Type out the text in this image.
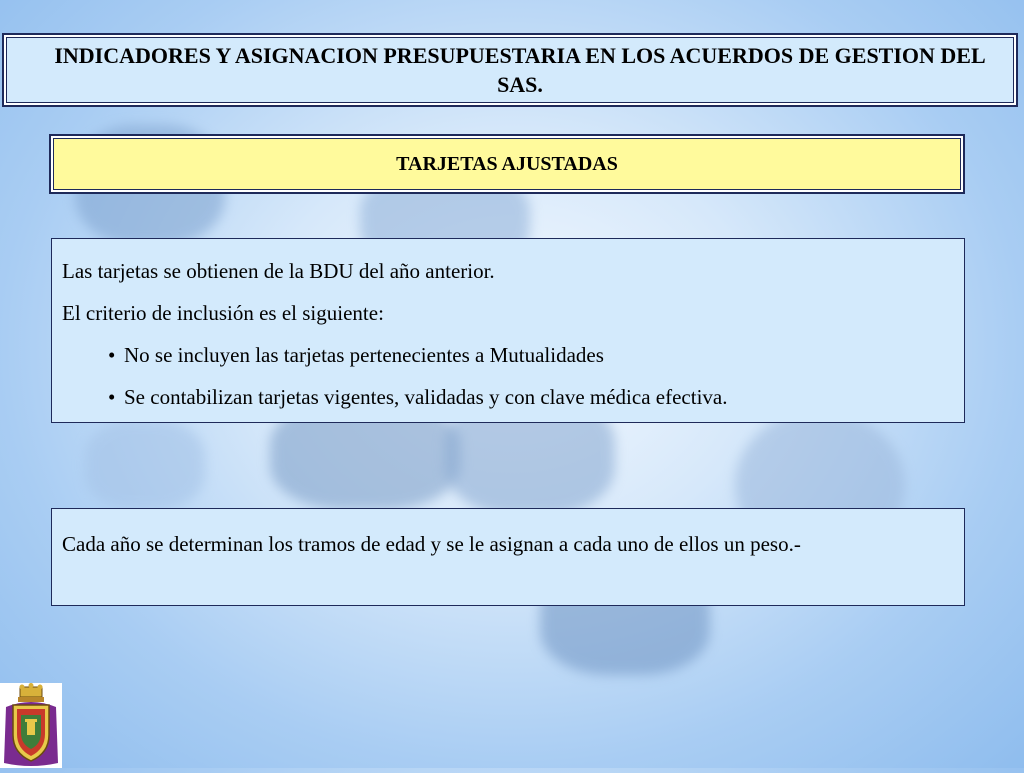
INDICADORES Y ASIGNACION PRESUPUESTARIA EN LOS ACUERDOS DE GESTION DEL SAS.
TARJETAS AJUSTADAS

Las tarjetas se obtienen de la BDU del año anterior.

El criterio de inclusión es el siguiente:

• No se incluyen las tarjetas pertenecientes a Mutualidades
• Se contabilizan tarjetas vigentes, validadas y con clave médica efectiva.
Cada año se determinan los tramos de edad y se le asignan a cada uno de ellos un peso.-
